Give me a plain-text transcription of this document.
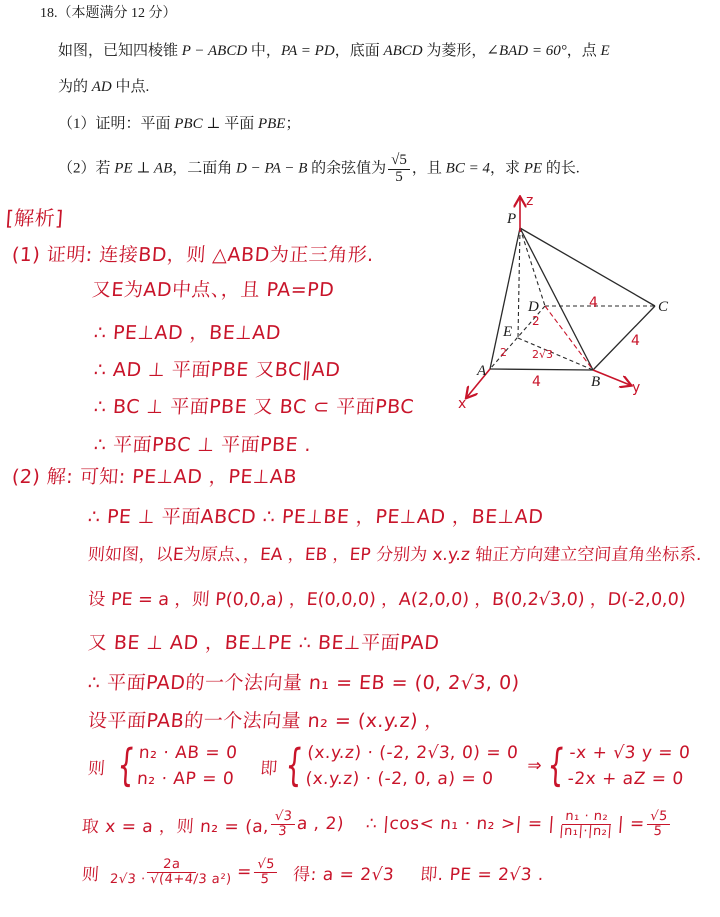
18.（本题满分 12 分）
如图，已知四棱锥 P − ABCD 中，PA = PD，底面 ABCD 为菱形，∠BAD = 60°，点 E
为的 AD 中点.
（1）证明：平面 PBC ⊥ 平面 PBE；
（2）若 PE ⊥ AB，二面角 D − PA − B 的余弦值为 $\frac{√5}{5}$ ，且 BC = 4，求 PE 的长.
[解析]
(1) 证明: 连接BD，则 △ABD为正三角形.
又E为AD中点、，且 PA=PD
∴ PE⊥AD ，BE⊥AD
∴ AD ⊥ 平面PBE 又BC∥AD
∴ BC ⊥ 平面PBE 又 BC ⊂ 平面PBC
∴ 平面PBC ⊥ 平面PBE .
(2) 解: 可知: PE⊥AD ，PE⊥AB
∴ PE ⊥ 平面ABCD ∴ PE⊥BE ，PE⊥AD ，BE⊥AD
则如图，以E为原点、，EA ，EB ，EP 分别为 x.y.z 轴正方向建立空间直角坐标系.
设 PE = a ，则 P(0,0,a) ，E(0,0,0) ，A(2,0,0) ，B(0,2√3,0) ，D(-2,0,0)
又 BE ⊥ AD ，BE⊥PE ∴ BE⊥平面PAD
∴ 平面PAD的一个法向量 n₁ = EB = (0, 2√3, 0)
设平面PAB的一个法向量 n₂ = (x.y.z) ，
则 { n₂ · AB = 0
n₂ · AP = 0
即 { (x.y.z) · (-2, 2√3, 0) = 0
(x.y.z) · (-2, 0, a) = 0
⇒ { -x + √3 y = 0
-2x + aZ = 0
取 x = a ，则 n₂ = (a, $\frac{√3}{3}$ a , 2) ∴ |cos< n₁ · n₂ >| = | $\frac{\text{n₁ · n₂}}{\text{|n₁|·|n₂|}}$ | = $\frac{√5}{5}$
则 $\frac{2a}{\text{2√3 · √(4+4/3 a²)}} = \frac{√5}{5}$ 得: a = 2√3 即. PE = 2√3 .
P
D	C
E
A
B
z
y
x
4
2
2 2√3
4
4
